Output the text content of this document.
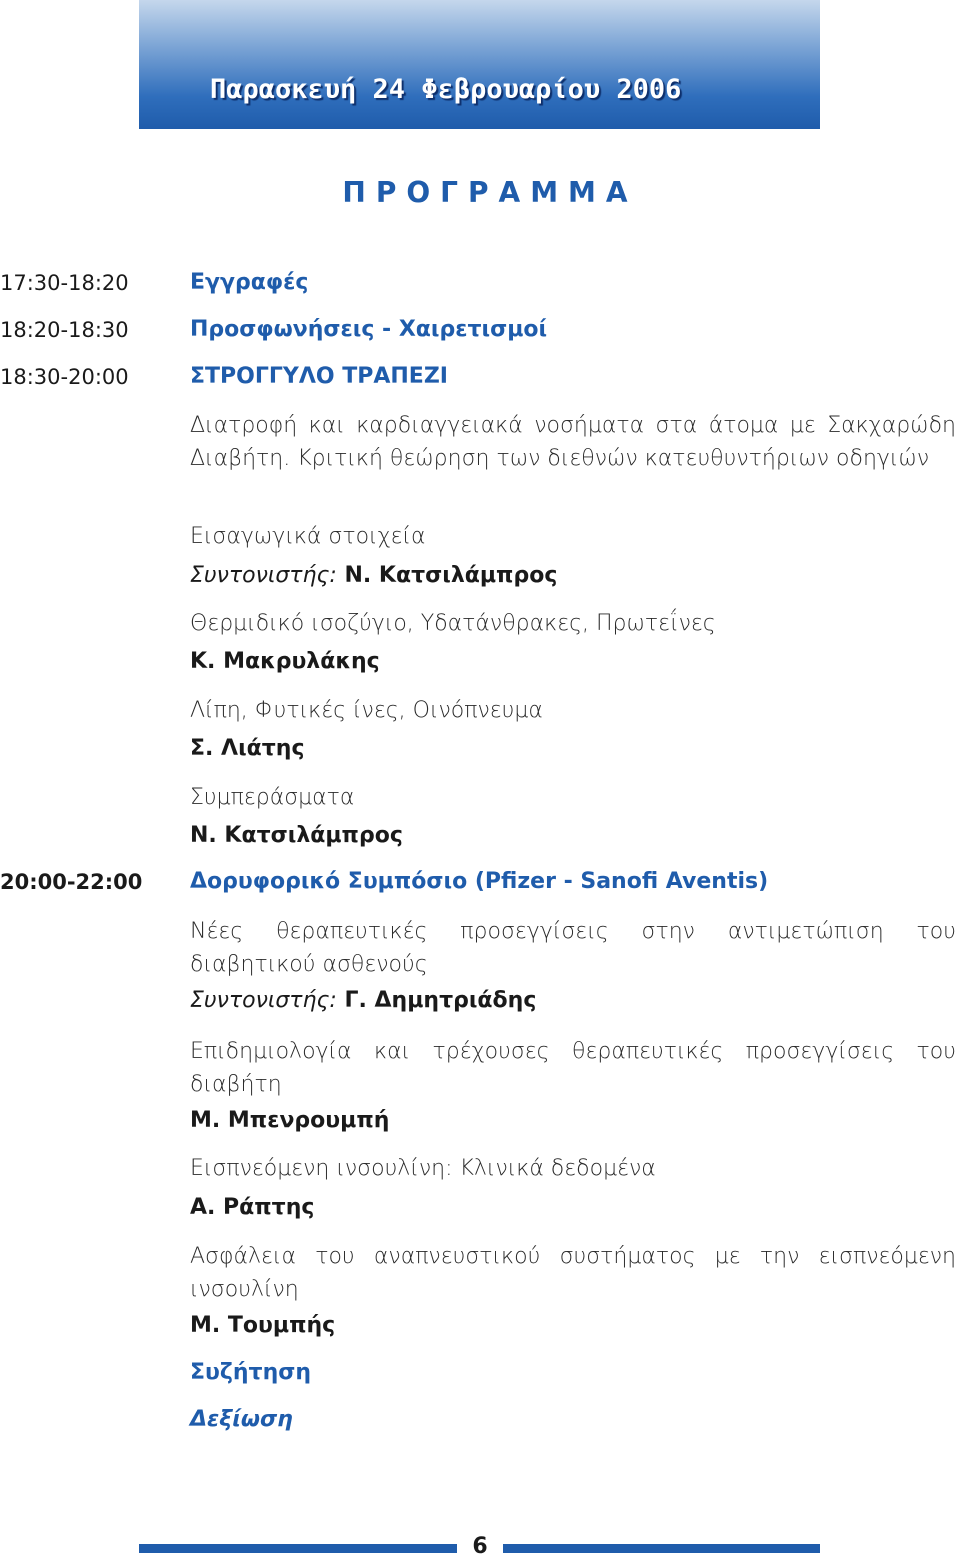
Παρασκευή 24 Φεβρουαρίου 2006
ΠΡΟΓΡΑΜΜΑ
17:30-18:20	Εγγραφές
18:20-18:30	Προσφωνήσεις - Χαιρετισμοί
18:30-20:00	ΣΤΡΟΓΓΥΛΟ ΤΡΑΠΕΖΙ
Διατροφή και καρδιαγγειακά νοσήματα στα άτομα με Σακχαρώδη Διαβήτη. Κριτική θεώρηση των διεθνών κατευθυντήριων οδηγιών
Εισαγωγικά στοιχεία
Συντονιστής: Ν. Κατσιλάμπρος
Θερμιδικό ισοζύγιο, Υδατάνθρακες, Πρωτεΐνες
Κ. Μακρυλάκης
Λίπη, Φυτικές ίνες, Οινόπνευμα
Σ. Λιάτης
Συμπεράσματα
Ν. Κατσιλάμπρος
20:00-22:00 Δορυφορικό Συμπόσιο (Pfizer - Sanofi Aventis)
Νέες θεραπευτικές προσεγγίσεις στην αντιμετώπιση του διαβητικού ασθενούς
Συντονιστής: Γ. Δημητριάδης
Επιδημιολογία και τρέχουσες θεραπευτικές προσεγγίσεις του διαβήτη
Μ. Μπενρουμπή
Εισπνεόμενη ινσουλίνη: Κλινικά δεδομένα
Α. Ράπτης
Ασφάλεια του αναπνευστικού συστήματος με την εισπνεόμενη ινσουλίνη
Μ. Τουμπής
Συζήτηση
Δεξίωση
6
